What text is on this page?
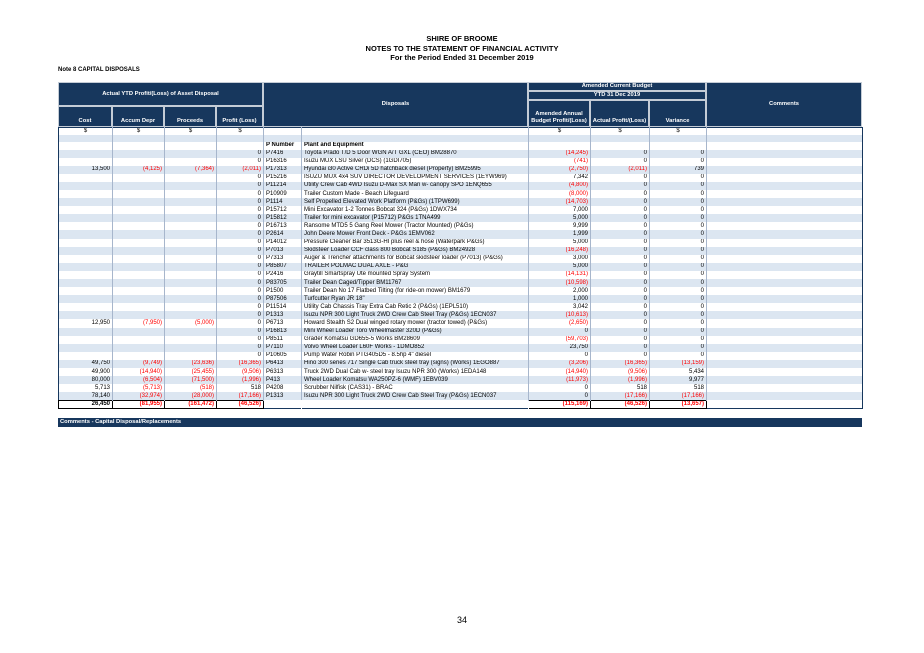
SHIRE OF BROOME
NOTES TO THE STATEMENT OF FINANCIAL ACTIVITY
For the Period Ended 31 December 2019
Note 8 CAPITAL DISPOSALS
Actual YTD Profit/(Loss) of Asset Disposal
Cost	Accum Depr	Proceeds	Profit (Loss)
Disposals
Amended Current Budget
YTD 31 Dec 2019
Amended Annual Budget Profit/(Loss)	Actual Profit/(Loss)	Variance
Comments
$	$	$	$			$	$	$	

				P Number	Plant and Equipment				
			0	P7416	Toyota Prado T/D 5 Door WGN A/T GXL (CEO) BM28870	(14,245)	0	0	
			0	P16316	Isuzu MUX LSU Silver (DCS) (1GDI705)	(741)	0	0	
13,500	(4,125)	(7,364)	(2,011)	P17313	Hyundai i30 Active CRDi 5D hatchback diesel (Property) BM25995	(2,750)	(2,011)	739	
			0	P15216	ISUZU MUX 4x4 SUV DIRECTOR DEVELOPMENT SERVICES (1EYW969)	7,342	0	0	
			0	P11214	Utility Crew Cab 4WD Isuzu D-Max SX Man w- canopy SPO 1ENQ655	(4,800)	0	0	
			0	P10909	Trailer Custom Made - Beach Lifeguard	(8,000)	0	0	
			0	P1114	Self Propelled Elevated Work Platform (P&Gs) (1TPW699)	(14,703)	0	0	
			0	P15712	Mini Excavator 1-2 Tonnes Bobcat 324 (P&Gs) 1DWX734	7,000	0	0	
			0	P15812	Trailer for mini excavator (P15712) P&Gs 1TNA499	5,000	0	0	
			0	P16713	Ransome MTD5 5 Gang Reel Mower (Tractor Mounted) (P&Gs)	9,999	0	0	
			0	P2614	John Deere Mower Front Deck - P&Gs 1EMV062	1,999	0	0	
			0	P14012	Pressure Cleaner Bar 3513G-HI plus reel & hose (Waterpark P&Gs)	5,000	0	0	
			0	P7013	Skidsteer Loader CCF class 800 Bobcat S185 (P&Gs) BM24928	(16,248)	0	0	
			0	P7313	Auger & Trencher attachments for Bobcat skidsteer loader (P7013) (P&Gs)	3,000	0	0	
			0	P85807	TRAILER POLMAC DUAL AXLE - P&G	5,000	0	0	
			0	P2416	Graytill Smartspray Ute mounted Spray System	(14,131)	0	0	
			0	P83705	Trailer Dean Caged/Tipper BM11767	(10,598)	0	0	
			0	P1500	Trailer Dean No 17 Flatbed Tilting (for ride-on mower) BM1679	2,000	0	0	
			0	P87506	Turfcutter Ryan JR 18"	1,000	0	0	
			0	P11514	Utility Cab Chassis Tray Extra Cab Retic 2 (P&Gs) (1EPL510)	3,042	0	0	
			0	P1313	Isuzu NPR 300 Light Truck 2WD Crew Cab Steel Tray (P&Gs) 1ECN037	(10,613)	0	0	
12,950	(7,950)	(5,000)	0	P6713	Howard Stealth S2 Dual winged rotary mower (tractor towed) (P&Gs)	(2,650)	0	0	
			0	P16813	Mini Wheel Loader Toro Wheelmaster 320D (P&Gs)	0	0	0	
			0	P8511	Grader Komatsu GD655-5 Works BM28609	(59,703)	0	0	
			0	P7110	Volvo Wheel Loader L60F Works - 1DMO852	23,750	0	0	
			0	P10605	Pump Water Robin PTG405D5 - 8.5hp 4" diesel	0	0	0	
49,750	(9,749)	(23,636)	(16,365)	P6413	Hino 300 series 717 Single Cab truck steel tray (signs) (Works) 1EGO887	(3,206)	(16,365)	(13,159)	
49,900	(14,940)	(25,455)	(9,506)	P6313	Truck 2WD Dual Cab w- steel tray Isuzu NPR 300 (Works) 1EDA148	(14,940)	(9,506)	5,434	
80,000	(6,504)	(71,500)	(1,996)	P413	Wheel Loader Komatsu WA250PZ-6 (WMF) 1EBV039	(11,973)	(1,996)	9,977	
5,713	(5,713)	(518)	518	P4208	Scrubber Nilfisk (CAS31) - BRAC	0	518	518	
78,140	(32,974)	(28,000)	(17,166)	P1313	Isuzu NPR 300 Light Truck 2WD Crew Cab Steel Tray (P&Gs) 1ECN037	0	(17,166)	(17,166)	
26,450	(81,955)	(161,472)	(46,526)			(115,169)	(46,526)	(13,657)	
Comments - Capital Disposal/Replacements
34
